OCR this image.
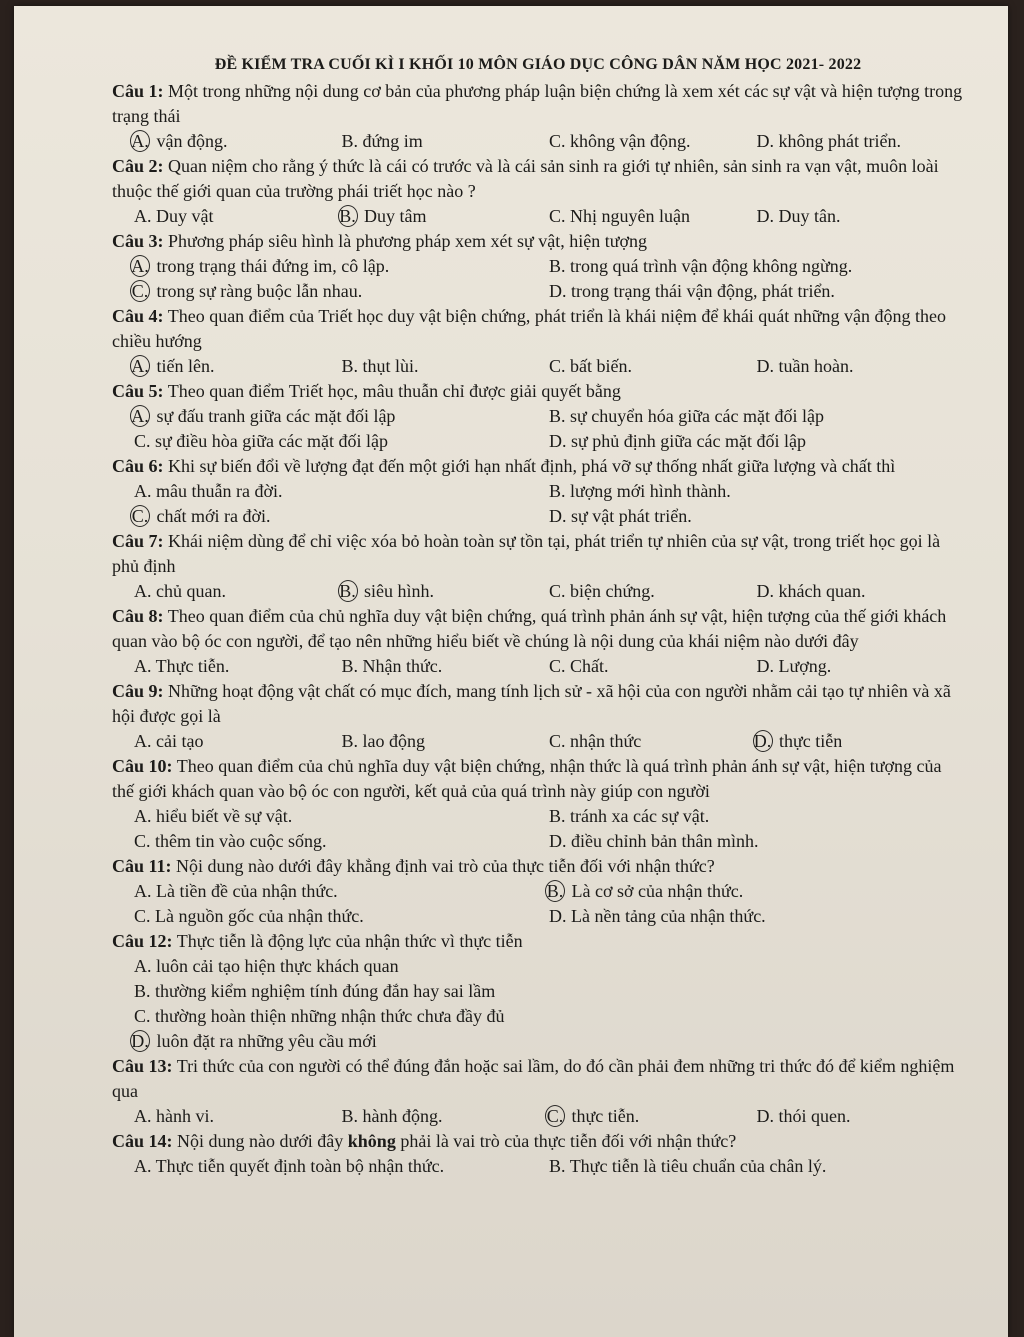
ĐỀ KIỂM TRA CUỐI KÌ I KHỐI 10 MÔN GIÁO DỤC CÔNG DÂN NĂM HỌC 2021- 2022
Câu 1: Một trong những nội dung cơ bản của phương pháp luận biện chứng là xem xét các sự vật và hiện tượng trong trạng thái
A. vận động.	B. đứng im	C. không vận động.	D. không phát triển.
Câu 2: Quan niệm cho rằng ý thức là cái có trước và là cái sản sinh ra giới tự nhiên, sản sinh ra vạn vật, muôn loài thuộc thế giới quan của trường phái triết học nào ?
A. Duy vật	B. Duy tâm	C. Nhị nguyên luận	D. Duy tân.
Câu 3: Phương pháp siêu hình là phương pháp xem xét sự vật, hiện tượng
A. trong trạng thái đứng im, cô lập.	B. trong quá trình vận động không ngừng.
C. trong sự ràng buộc lẫn nhau.	D. trong trạng thái vận động, phát triển.
Câu 4: Theo quan điểm của Triết học duy vật biện chứng, phát triển là khái niệm để khái quát những vận động theo chiều hướng
A. tiến lên.	B. thụt lùi.	C. bất biến.	D. tuần hoàn.
Câu 5: Theo quan điểm Triết học, mâu thuẫn chỉ được giải quyết bằng
A. sự đấu tranh giữa các mặt đối lập	B. sự chuyển hóa giữa các mặt đối lập
C. sự điều hòa giữa các mặt đối lập	D. sự phủ định giữa các mặt đối lập
Câu 6: Khi sự biến đổi về lượng đạt đến một giới hạn nhất định, phá vỡ sự thống nhất giữa lượng và chất thì
A. mâu thuẫn ra đời.	B. lượng mới hình thành.
C. chất mới ra đời.	D. sự vật phát triển.
Câu 7: Khái niệm dùng để chỉ việc xóa bỏ hoàn toàn sự tồn tại, phát triển tự nhiên của sự vật, trong triết học gọi là phủ định
A. chủ quan.	B. siêu hình.	C. biện chứng.	D. khách quan.
Câu 8: Theo quan điểm của chủ nghĩa duy vật biện chứng, quá trình phản ánh sự vật, hiện tượng của thế giới khách quan vào bộ óc con người, để tạo nên những hiểu biết về chúng là nội dung của khái niệm nào dưới đây
A. Thực tiễn.	B. Nhận thức.	C. Chất.	D. Lượng.
Câu 9: Những hoạt động vật chất có mục đích, mang tính lịch sử - xã hội của con người nhằm cải tạo tự nhiên và xã hội được gọi là
A. cải tạo	B. lao động	C. nhận thức	D. thực tiễn
Câu 10: Theo quan điểm của chủ nghĩa duy vật biện chứng, nhận thức là quá trình phản ánh sự vật, hiện tượng của thế giới khách quan vào bộ óc con người, kết quả của quá trình này giúp con người
A. hiểu biết về sự vật.	B. tránh xa các sự vật.
C. thêm tin vào cuộc sống.	D. điều chỉnh bản thân mình.
Câu 11: Nội dung nào dưới đây khẳng định vai trò của thực tiễn đối với nhận thức?
A. Là tiền đề của nhận thức.	B. Là cơ sở của nhận thức.
C. Là nguồn gốc của nhận thức.	D. Là nền tảng của nhận thức.
Câu 12: Thực tiễn là động lực của nhận thức vì thực tiễn
A. luôn cải tạo hiện thực khách quan
B. thường kiểm nghiệm tính đúng đắn hay sai lầm
C. thường hoàn thiện những nhận thức chưa đầy đủ
D. luôn đặt ra những yêu cầu mới
Câu 13: Tri thức của con người có thể đúng đắn hoặc sai lầm, do đó cần phải đem những tri thức đó để kiểm nghiệm qua
A. hành vi.	B. hành động.	C. thực tiễn.	D. thói quen.
Câu 14: Nội dung nào dưới đây không phải là vai trò của thực tiễn đối với nhận thức?
A. Thực tiễn quyết định toàn bộ nhận thức.	B. Thực tiễn là tiêu chuẩn của chân lý.
